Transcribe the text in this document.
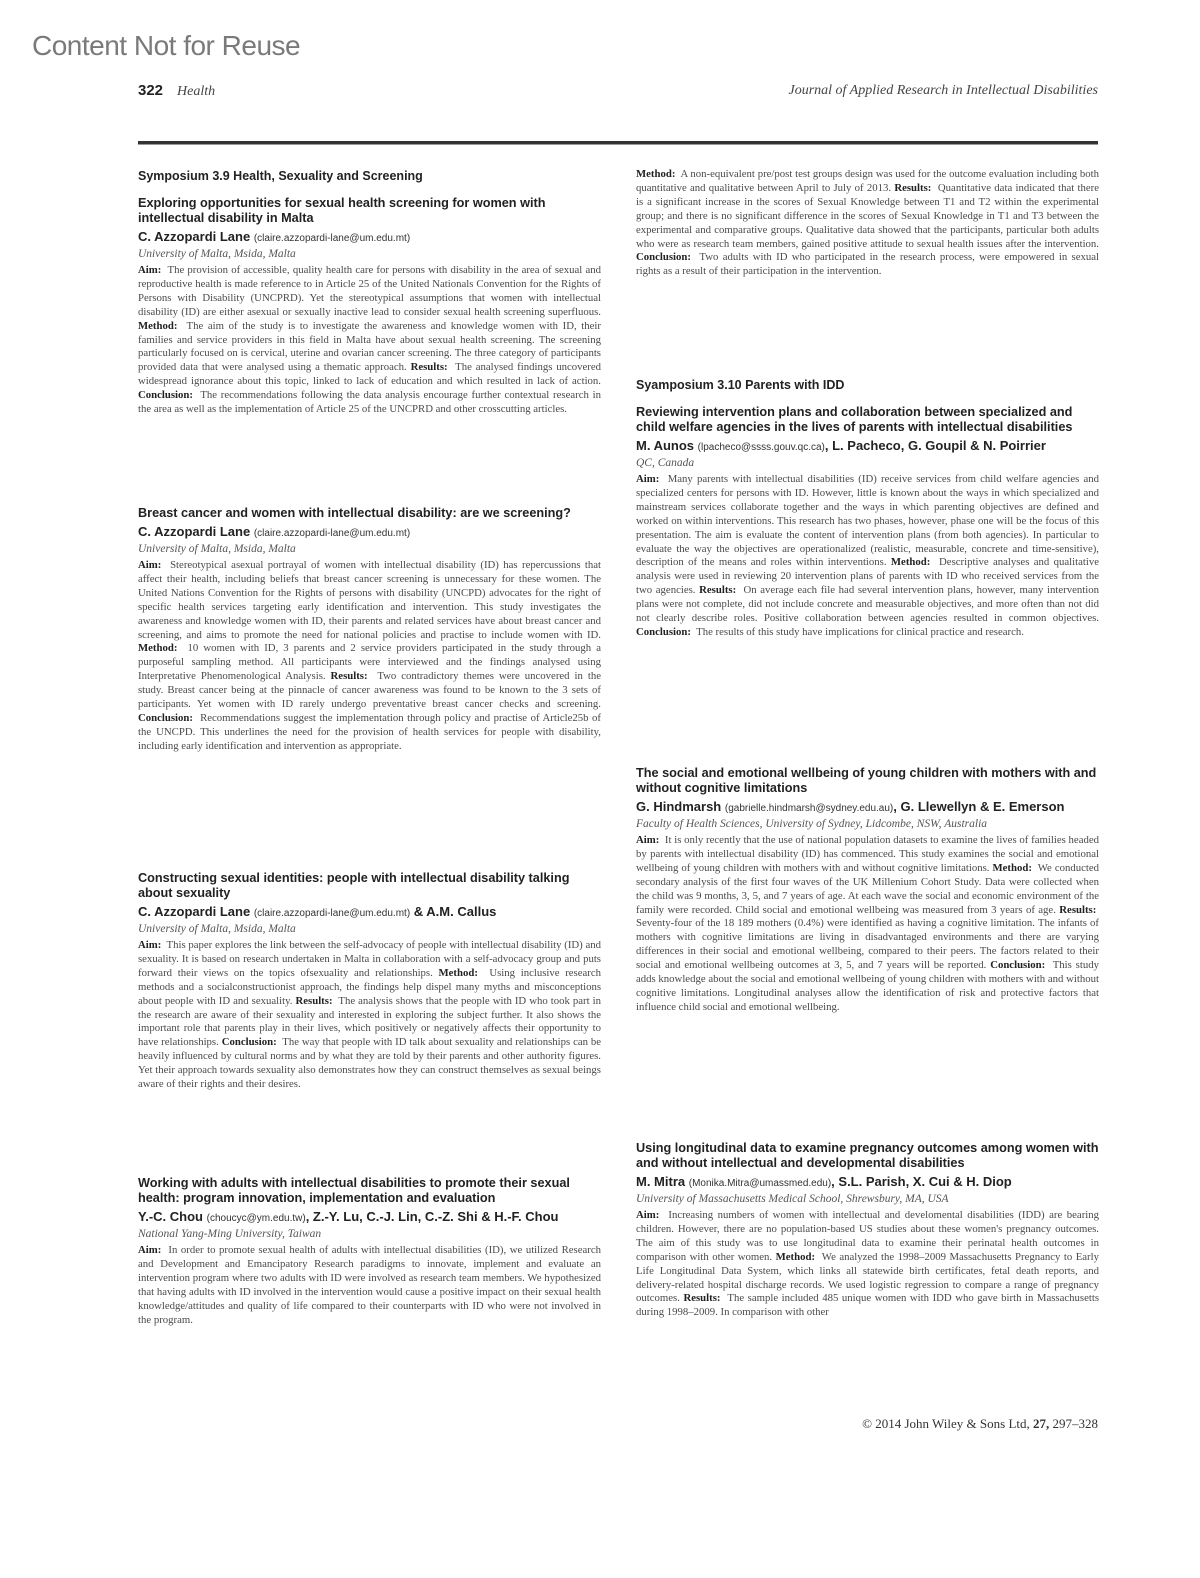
Content Not for Reuse
322 Health	Journal of Applied Research in Intellectual Disabilities
Symposium 3.9 Health, Sexuality and Screening
Exploring opportunities for sexual health screening for women with intellectual disability in Malta
C. Azzopardi Lane (claire.azzopardi-lane@um.edu.mt)
University of Malta, Msida, Malta
Aim: The provision of accessible, quality health care for persons with disability in the area of sexual and reproductive health is made reference to in Article 25 of the United Nationals Convention for the Rights of Persons with Disability (UNCPRD). Yet the stereotypical assumptions that women with intellectual disability (ID) are either asexual or sexually inactive lead to consider sexual health screening superfluous. Method: The aim of the study is to investigate the awareness and knowledge women with ID, their families and service providers in this field in Malta have about sexual health screening. The screening particularly focused on is cervical, uterine and ovarian cancer screening. The three category of participants provided data that were analysed using a thematic approach. Results: The analysed findings uncovered widespread ignorance about this topic, linked to lack of education and which resulted in lack of action. Conclusion: The recommendations following the data analysis encourage further contextual research in the area as well as the implementation of Article 25 of the UNCPRD and other crosscutting articles.
Breast cancer and women with intellectual disability: are we screening?
C. Azzopardi Lane (claire.azzopardi-lane@um.edu.mt)
University of Malta, Msida, Malta
Aim: Stereotypical asexual portrayal of women with intellectual disability (ID) has repercussions that affect their health, including beliefs that breast cancer screening is unnecessary for these women. The United Nations Convention for the Rights of persons with disability (UNCPD) advocates for the right of specific health services targeting early identification and intervention. This study investigates the awareness and knowledge women with ID, their parents and related services have about breast cancer and screening, and aims to promote the need for national policies and practise to include women with ID. Method: 10 women with ID, 3 parents and 2 service providers participated in the study through a purposeful sampling method. All participants were interviewed and the findings analysed using Interpretative Phenomenological Analysis. Results: Two contradictory themes were uncovered in the study. Breast cancer being at the pinnacle of cancer awareness was found to be known to the 3 sets of participants. Yet women with ID rarely undergo preventative breast cancer checks and screening. Conclusion: Recommendations suggest the implementation through policy and practise of Article25b of the UNCPD. This underlines the need for the provision of health services for people with disability, including early identification and intervention as appropriate.
Constructing sexual identities: people with intellectual disability talking about sexuality
C. Azzopardi Lane (claire.azzopardi-lane@um.edu.mt) & A.M. Callus
University of Malta, Msida, Malta
Aim: This paper explores the link between the self-advocacy of people with intellectual disability (ID) and sexuality. It is based on research undertaken in Malta in collaboration with a self-advocacy group and puts forward their views on the topics ofsexuality and relationships. Method: Using inclusive research methods and a socialconstructionist approach, the findings help dispel many myths and misconceptions about people with ID and sexuality. Results: The analysis shows that the people with ID who took part in the research are aware of their sexuality and interested in exploring the subject further. It also shows the important role that parents play in their lives, which positively or negatively affects their opportunity to have relationships. Conclusion: The way that people with ID talk about sexuality and relationships can be heavily influenced by cultural norms and by what they are told by their parents and other authority figures. Yet their approach towards sexuality also demonstrates how they can construct themselves as sexual beings aware of their rights and their desires.
Working with adults with intellectual disabilities to promote their sexual health: program innovation, implementation and evaluation
Y.-C. Chou (choucyc@ym.edu.tw), Z.-Y. Lu, C.-J. Lin, C.-Z. Shi & H.-F. Chou
National Yang-Ming University, Taiwan
Aim: In order to promote sexual health of adults with intellectual disabilities (ID), we utilized Research and Development and Emancipatory Research paradigms to innovate, implement and evaluate an intervention program where two adults with ID were involved as research team members. We hypothesized that having adults with ID involved in the intervention would cause a positive impact on their sexual health knowledge/attitudes and quality of life compared to their counterparts with ID who were not involved in the program.
Method: A non-equivalent pre/post test groups design was used for the outcome evaluation including both quantitative and qualitative between April to July of 2013. Results: Quantitative data indicated that there is a significant increase in the scores of Sexual Knowledge between T1 and T2 within the experimental group; and there is no significant difference in the scores of Sexual Knowledge in T1 and T3 between the experimental and comparative groups. Qualitative data showed that the participants, particular both adults who were as research team members, gained positive attitude to sexual health issues after the intervention. Conclusion: Two adults with ID who participated in the research process, were empowered in sexual rights as a result of their participation in the intervention.
Syamposium 3.10 Parents with IDD
Reviewing intervention plans and collaboration between specialized and child welfare agencies in the lives of parents with intellectual disabilities
M. Aunos (lpacheco@ssss.gouv.qc.ca), L. Pacheco, G. Goupil & N. Poirrier
QC, Canada
Aim: Many parents with intellectual disabilities (ID) receive services from child welfare agencies and specialized centers for persons with ID. However, little is known about the ways in which specialized and mainstream services collaborate together and the ways in which parenting objectives are defined and worked on within interventions. This research has two phases, however, phase one will be the focus of this presentation. The aim is evaluate the content of intervention plans (from both agencies). In particular to evaluate the way the objectives are operationalized (realistic, measurable, concrete and time-sensitive), description of the means and roles within interventions. Method: Descriptive analyses and qualitative analysis were used in reviewing 20 intervention plans of parents with ID who received services from the two agencies. Results: On average each file had several intervention plans, however, many intervention plans were not complete, did not include concrete and measurable objectives, and more often than not did not clearly describe roles. Positive collaboration between agencies resulted in common objectives. Conclusion: The results of this study have implications for clinical practice and research.
The social and emotional wellbeing of young children with mothers with and without cognitive limitations
G. Hindmarsh (gabrielle.hindmarsh@sydney.edu.au), G. Llewellyn & E. Emerson
Faculty of Health Sciences, University of Sydney, Lidcombe, NSW, Australia
Aim: It is only recently that the use of national population datasets to examine the lives of families headed by parents with intellectual disability (ID) has commenced. This study examines the social and emotional wellbeing of young children with mothers with and without cognitive limitations. Method: We conducted secondary analysis of the first four waves of the UK Millenium Cohort Study. Data were collected when the child was 9 months, 3, 5, and 7 years of age. At each wave the social and economic environment of the family were recorded. Child social and emotional wellbeing was measured from 3 years of age. Results:  Seventy-four of the 18 189 mothers (0.4%) were identified as having a cognitive limitation. The infants of mothers with cognitive limitations are living in disadvantaged environments and there are varying differences in their social and emotional wellbeing, compared to their peers. The factors related to their social and emotional wellbeing outcomes at 3, 5, and 7 years will be reported. Conclusion: This study adds knowledge about the social and emotional wellbeing of young children with mothers with and without cognitive limitations. Longitudinal analyses allow the identification of risk and protective factors that influence child social and emotional wellbeing.
Using longitudinal data to examine pregnancy outcomes among women with and without intellectual and developmental disabilities
M. Mitra (Monika.Mitra@umassmed.edu), S.L. Parish, X. Cui & H. Diop
University of Massachusetts Medical School, Shrewsbury, MA, USA
Aim: Increasing numbers of women with intellectual and develomental disabilities (IDD) are bearing children. However, there are no population-based US studies about these women's pregnancy outcomes. The aim of this study was to use longitudinal data to examine their perinatal health outcomes in comparison with other women. Method: We analyzed the 1998–2009 Massachusetts Pregnancy to Early Life Longitudinal Data System, which links all statewide birth certificates, fetal death reports, and delivery-related hospital discharge records. We used logistic regression to compare a range of pregnancy outcomes. Results: The sample included 485 unique women with IDD who gave birth in Massachusetts during 1998–2009. In comparison with other
© 2014 John Wiley & Sons Ltd, 27, 297–328
